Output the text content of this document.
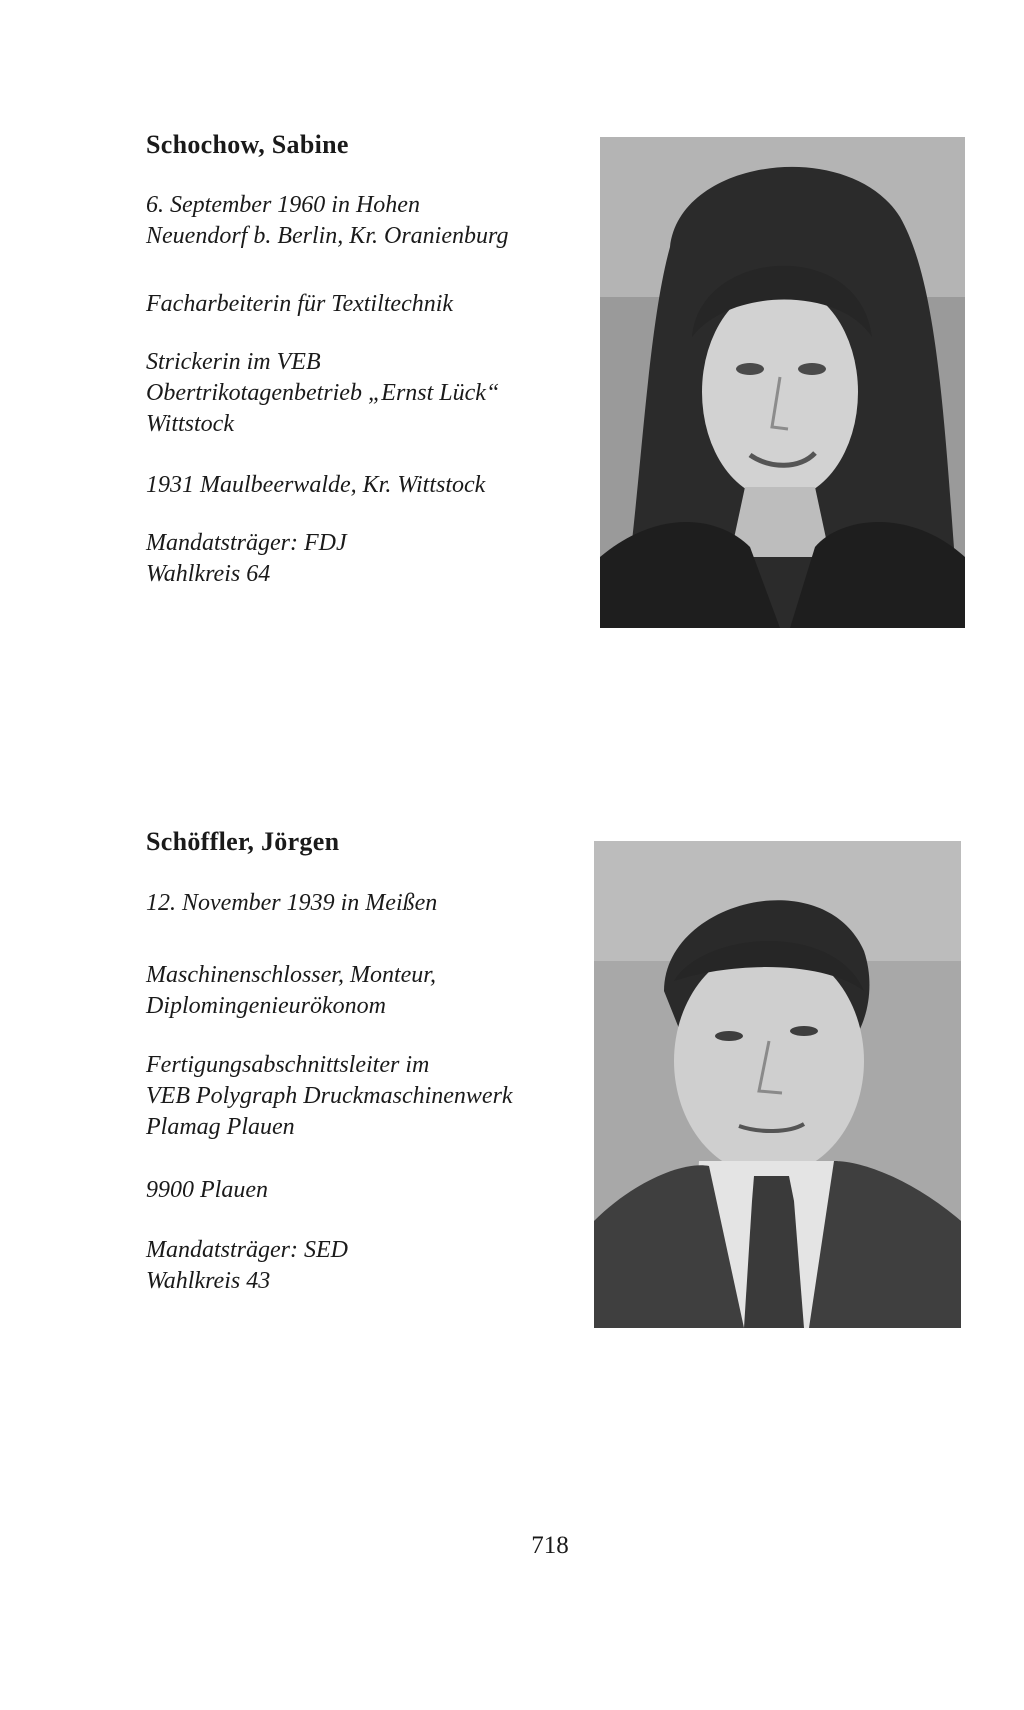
Schochow, Sabine

6. September 1960 in Hohen
Neuendorf b. Berlin, Kr. Oranienburg

Facharbeiterin für Textiltechnik

Strickerin im VEB
Obertrikotagenbetrieb „Ernst Lück“
Wittstock

1931 Maulbeerwalde, Kr. Wittstock

Mandatsträger: FDJ
Wahlkreis 64

Schöffler, Jörgen

12. November 1939 in Meißen

Maschinenschlosser, Monteur,
Diplomingenieurökonom

Fertigungsabschnittsleiter im
VEB Polygraph Druckmaschinenwerk
Plamag Plauen

9900 Plauen

Mandatsträger: SED
Wahlkreis 43

718
